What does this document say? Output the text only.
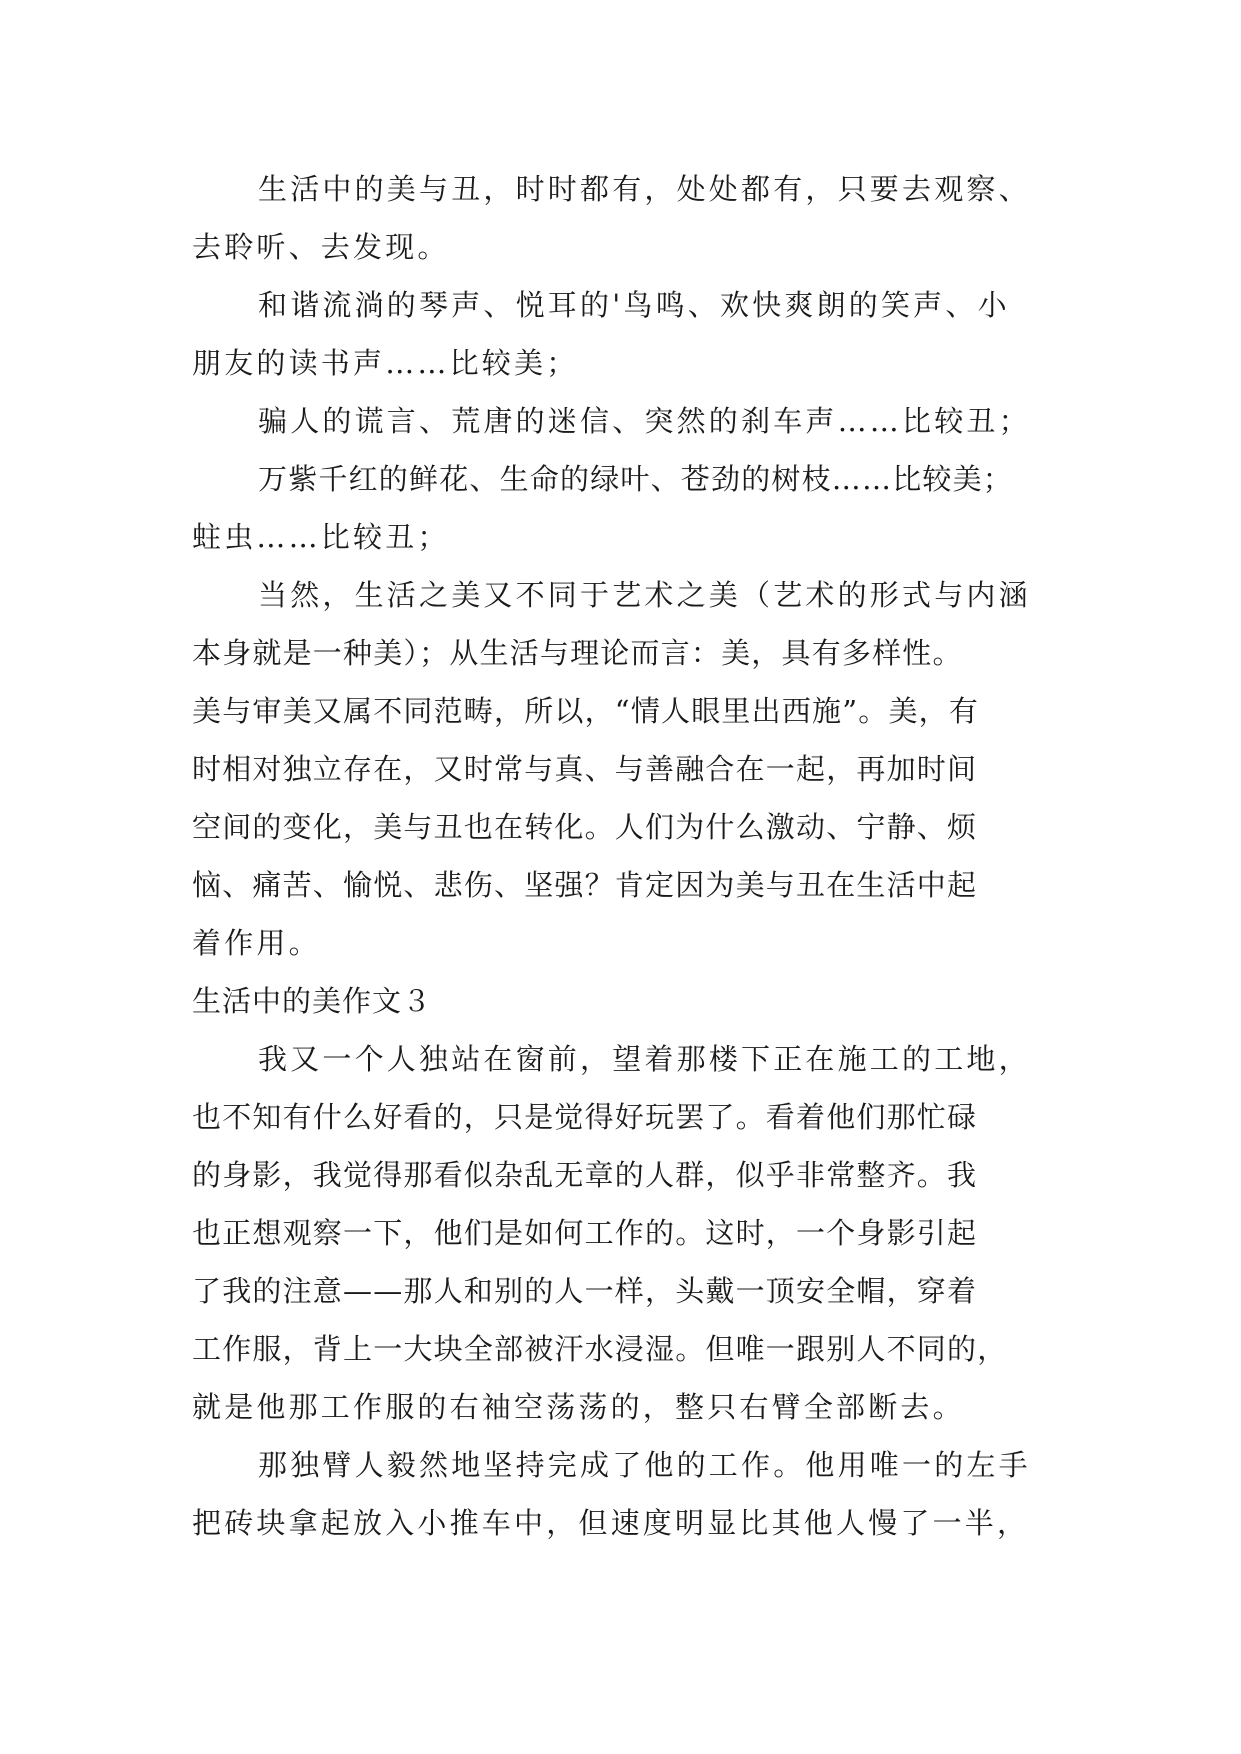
生活中的美与丑，时时都有，处处都有，只要去观察、
去聆听、去发现。
和谐流淌的琴声、悦耳的'鸟鸣、欢快爽朗的笑声、小
朋友的读书声……比较美；
骗人的谎言、荒唐的迷信、突然的刹车声……比较丑；
万紫千红的鲜花、生命的绿叶、苍劲的树枝……比较美；
蛀虫……比较丑；
当然，生活之美又不同于艺术之美（艺术的形式与内涵
本身就是一种美）；从生活与理论而言：美，具有多样性。
美与审美又属不同范畴，所以，“情人眼里出西施”。美，有
时相对独立存在，又时常与真、与善融合在一起，再加时间
空间的变化，美与丑也在转化。人们为什么激动、宁静、烦
恼、痛苦、愉悦、悲伤、坚强？肯定因为美与丑在生活中起
着作用。
生活中的美作文３
我又一个人独站在窗前，望着那楼下正在施工的工地，
也不知有什么好看的，只是觉得好玩罢了。看着他们那忙碌
的身影，我觉得那看似杂乱无章的人群，似乎非常整齐。我
也正想观察一下，他们是如何工作的。这时，一个身影引起
了我的注意——那人和别的人一样，头戴一顶安全帽，穿着
工作服，背上一大块全部被汗水浸湿。但唯一跟别人不同的，
就是他那工作服的右袖空荡荡的，整只右臂全部断去。
那独臂人毅然地坚持完成了他的工作。他用唯一的左手
把砖块拿起放入小推车中，但速度明显比其他人慢了一半，
